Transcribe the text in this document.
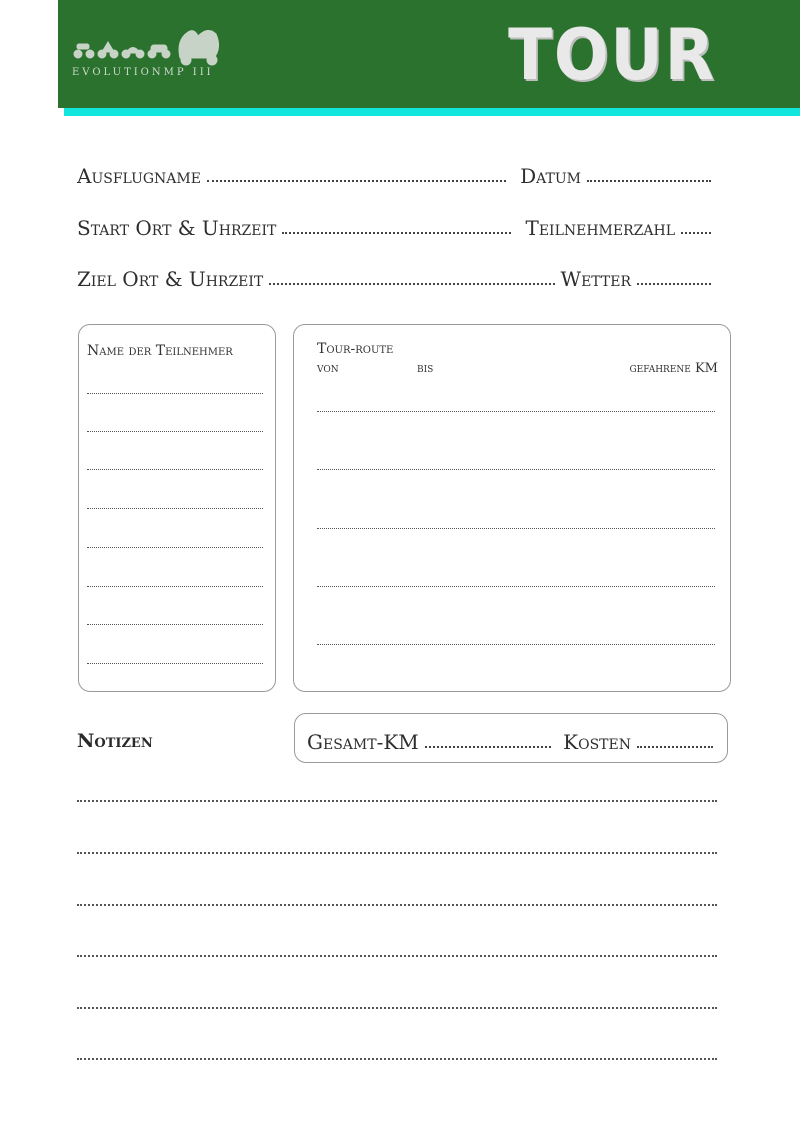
EVOLUTIONMP III	TOUR
Ausflugname	Datum
Start Ort & Uhrzeit	Teilnehmerzahl
Ziel Ort & Uhrzeit	Wetter
Name der Teilnehmer	Tour-route
von	bis	gefahrene KM
Notizen	Gesamt-KM	Kosten
